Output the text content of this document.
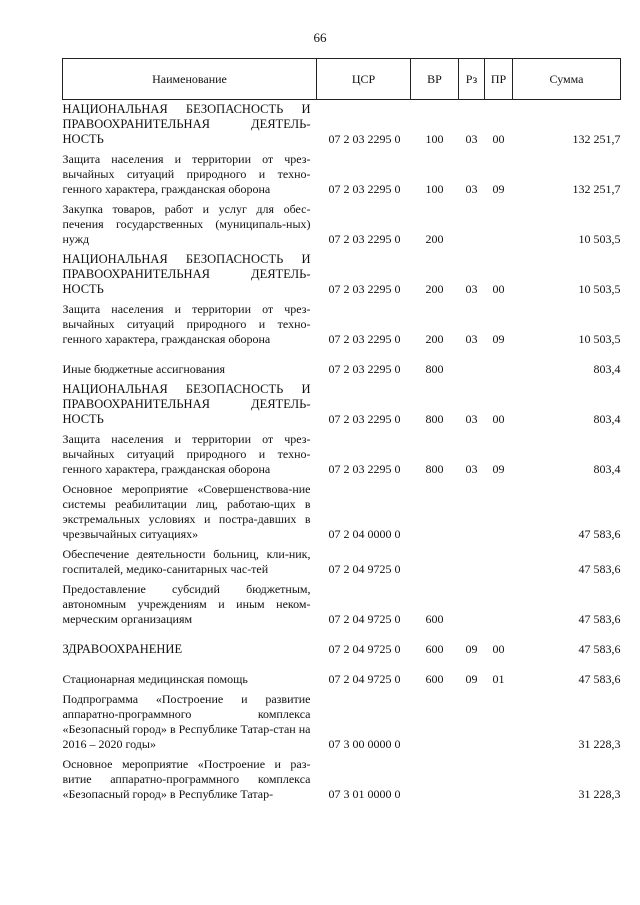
66
Наименование	ЦСР	ВР	Рз	ПР	Сумма
НАЦИОНАЛЬНАЯ БЕЗОПАСНОСТЬ И ПРАВООХРАНИТЕЛЬНАЯ ДЕЯТЕЛЬ-НОСТЬ	07 2 03 2295 0	100	03	00	132 251,7
Защита населения и территории от чрез-вычайных ситуаций природного и техно-генного характера, гражданская оборона	07 2 03 2295 0	100	03	09	132 251,7
Закупка товаров, работ и услуг для обес-печения государственных (муниципаль-ных) нужд	07 2 03 2295 0	200			10 503,5
НАЦИОНАЛЬНАЯ БЕЗОПАСНОСТЬ И ПРАВООХРАНИТЕЛЬНАЯ ДЕЯТЕЛЬ-НОСТЬ	07 2 03 2295 0	200	03	00	10 503,5
Защита населения и территории от чрез-вычайных ситуаций природного и техно-генного характера, гражданская оборона	07 2 03 2295 0	200	03	09	10 503,5
Иные бюджетные ассигнования	07 2 03 2295 0	800			803,4
НАЦИОНАЛЬНАЯ БЕЗОПАСНОСТЬ И ПРАВООХРАНИТЕЛЬНАЯ ДЕЯТЕЛЬ-НОСТЬ	07 2 03 2295 0	800	03	00	803,4
Защита населения и территории от чрез-вычайных ситуаций природного и техно-генного характера, гражданская оборона	07 2 03 2295 0	800	03	09	803,4
Основное мероприятие «Совершенствова-ние системы реабилитации лиц, работаю-щих в экстремальных условиях и постра-давших в чрезвычайных ситуациях»	07 2 04 0000 0				47 583,6
Обеспечение деятельности больниц, кли-ник, госпиталей, медико-санитарных час-тей	07 2 04 9725 0				47 583,6
Предоставление субсидий бюджетным, автономным учреждениям и иным неком-мерческим организациям	07 2 04 9725 0	600			47 583,6
ЗДРАВООХРАНЕНИЕ	07 2 04 9725 0	600	09	00	47 583,6
Стационарная медицинская помощь	07 2 04 9725 0	600	09	01	47 583,6
Подпрограмма «Построение и развитие аппаратно-программного комплекса «Безопасный город» в Республике Татар-стан на 2016 – 2020 годы»	07 3 00 0000 0				31 228,3
Основное мероприятие «Построение и раз-витие аппаратно-программного комплекса «Безопасный город» в Республике Татар-	07 3 01 0000 0				31 228,3
